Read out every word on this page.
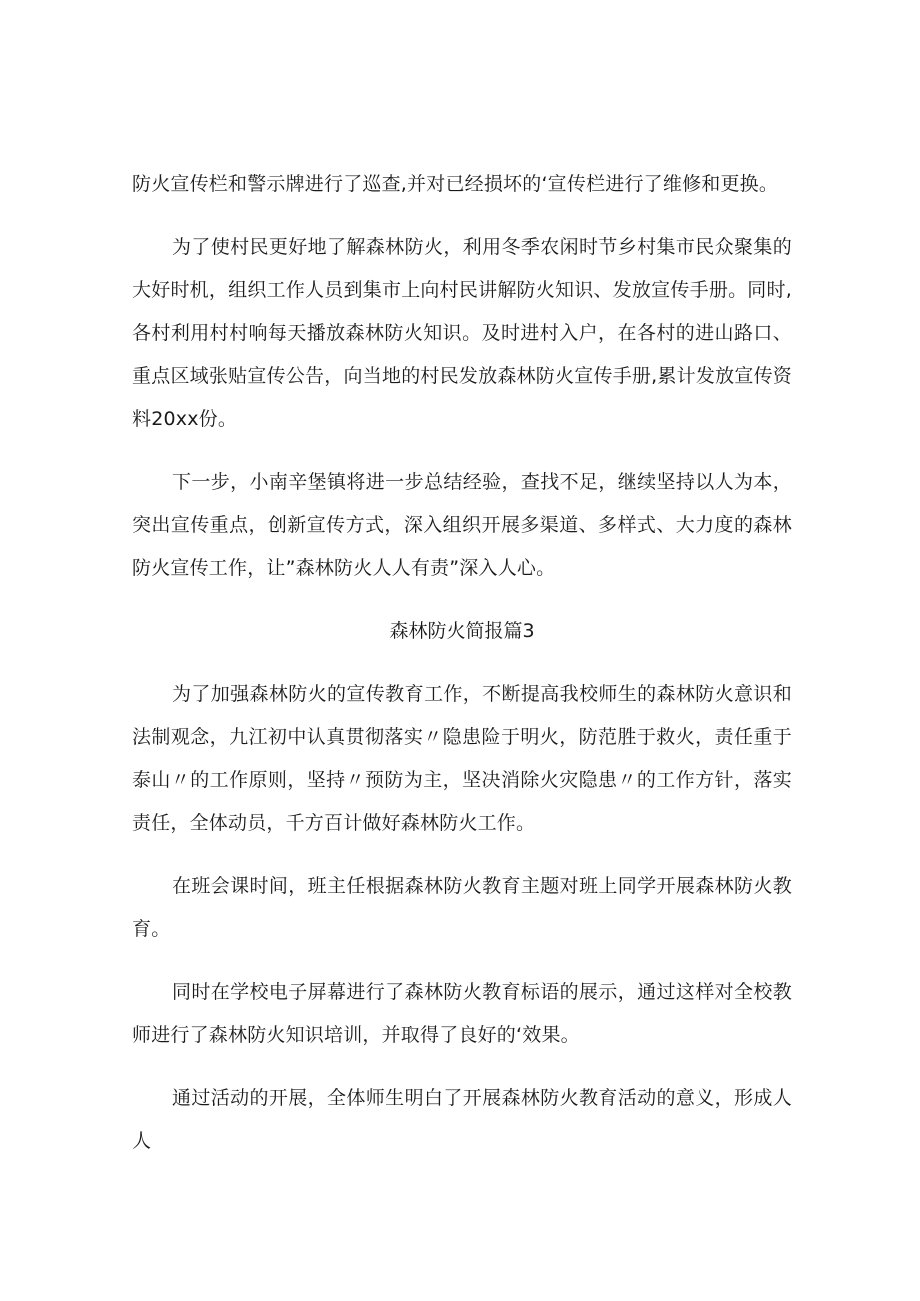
防火宣传栏和警示牌进行了巡查,并对已经损坏的‘宣传栏进行了维修和更换。

为了使村民更好地了解森林防火，利用冬季农闲时节乡村集市民众聚集的大好时机，组织工作人员到集市上向村民讲解防火知识、发放宣传手册。同时,各村利用村村响每天播放森林防火知识。及时进村入户，在各村的进山路口、重点区域张贴宣传公告，向当地的村民发放森林防火宣传手册,累计发放宣传资料20xx份。

下一步，小南辛堡镇将进一步总结经验，查找不足，继续坚持以人为本，突出宣传重点，创新宣传方式，深入组织开展多渠道、多样式、大力度的森林防火宣传工作，让”森林防火人人有责”深入人心。

森林防火简报篇3

为了加强森林防火的宣传教育工作，不断提高我校师生的森林防火意识和法制观念，九江初中认真贯彻落实〃隐患险于明火，防范胜于救火，责任重于泰山〃的工作原则，坚持〃预防为主，坚决消除火灾隐患〃的工作方针，落实责任，全体动员，千方百计做好森林防火工作。

在班会课时间，班主任根据森林防火教育主题对班上同学开展森林防火教育。

同时在学校电子屏幕进行了森林防火教育标语的展示，通过这样对全校教师进行了森林防火知识培训，并取得了良好的‘效果。

通过活动的开展，全体师生明白了开展森林防火教育活动的意义，形成人人
